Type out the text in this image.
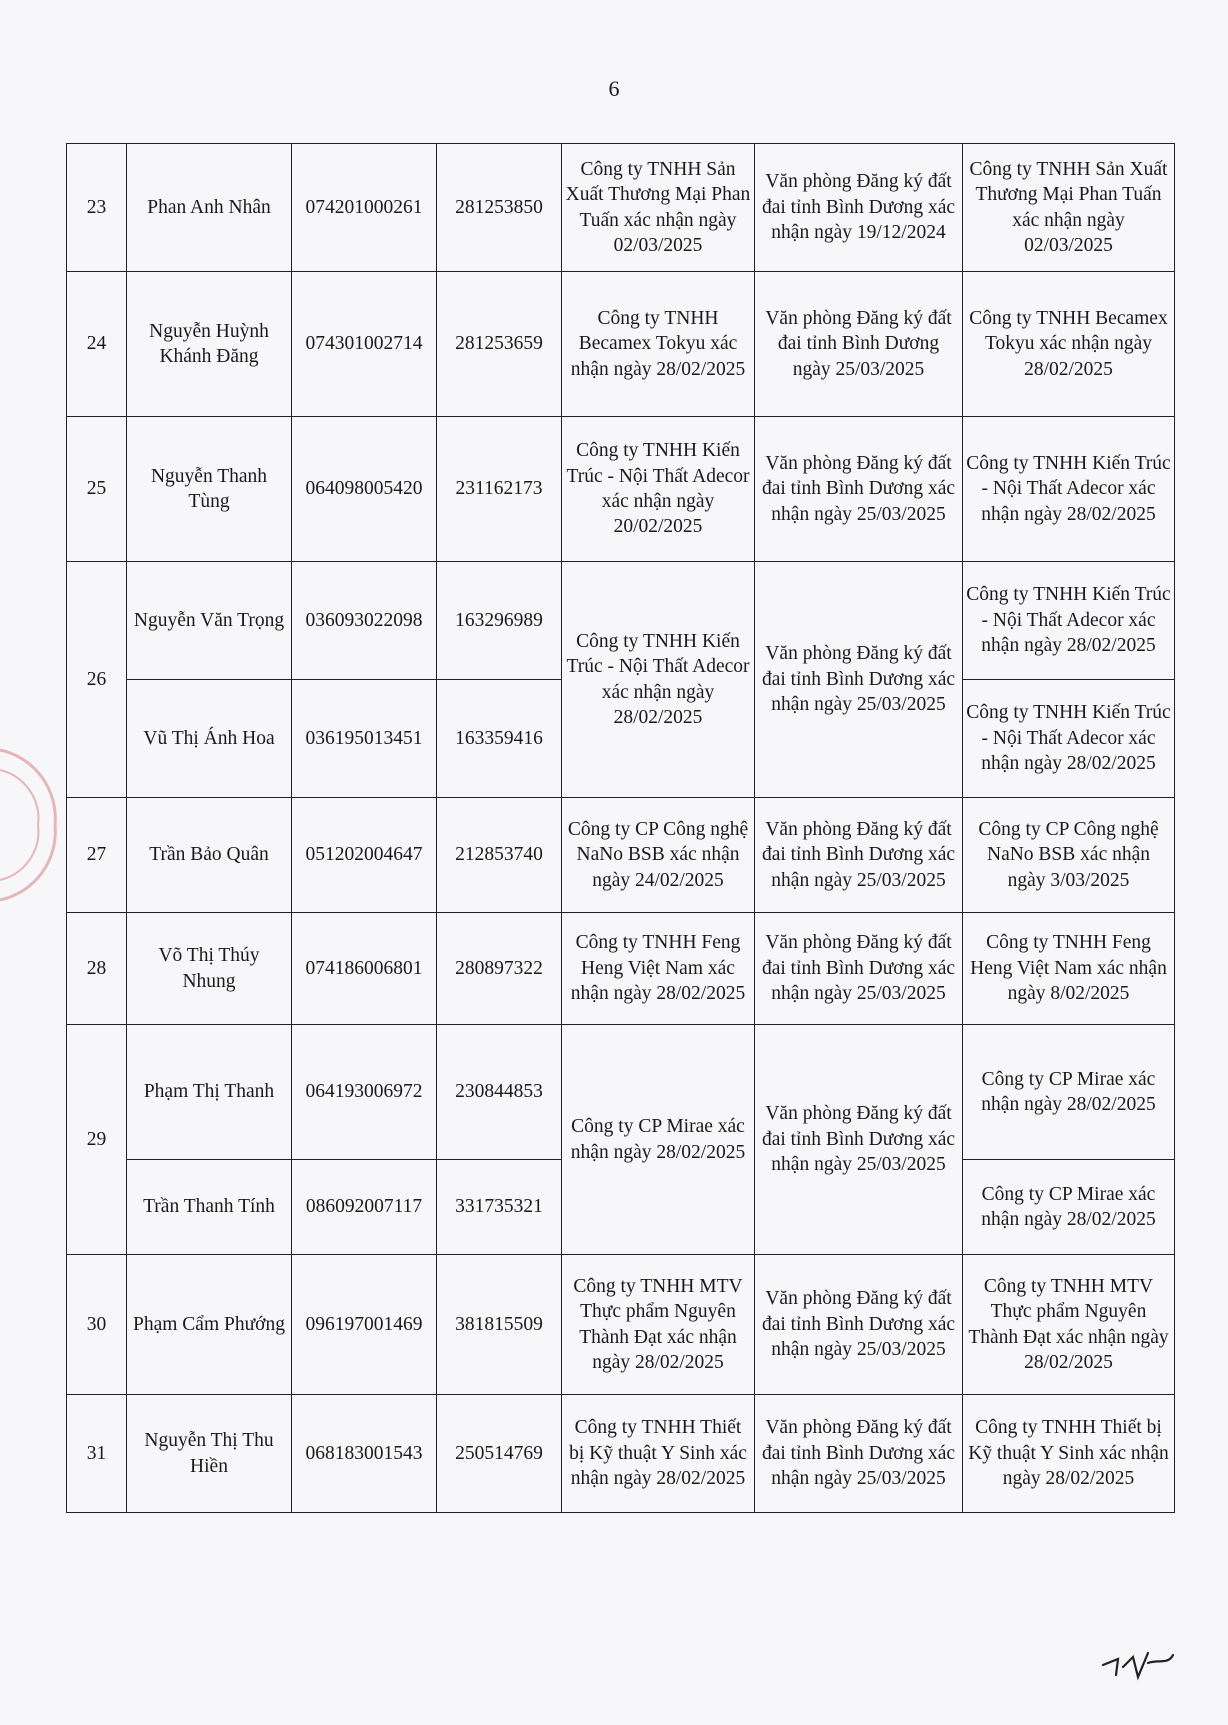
6
23	Phan Anh Nhân	074201000261	281253850	Công ty TNHH Sản Xuất Thương Mại Phan Tuấn xác nhận ngày 02/03/2025	Văn phòng Đăng ký đất đai tỉnh Bình Dương xác nhận ngày 19/12/2024	Công ty TNHH Sản Xuất Thương Mại Phan Tuấn xác nhận ngày 02/03/2025
24	Nguyễn Huỳnh Khánh Đăng	074301002714	281253659	Công ty TNHH Becamex Tokyu xác nhận ngày 28/02/2025	Văn phòng Đăng ký đất đai tỉnh Bình Dương ngày 25/03/2025	Công ty TNHH Becamex Tokyu xác nhận ngày 28/02/2025
25	Nguyễn Thanh Tùng	064098005420	231162173	Công ty TNHH Kiến Trúc - Nội Thất Adecor xác nhận ngày 20/02/2025	Văn phòng Đăng ký đất đai tỉnh Bình Dương xác nhận ngày 25/03/2025	Công ty TNHH Kiến Trúc - Nội Thất Adecor xác nhận ngày 28/02/2025
26	Nguyễn Văn Trọng	036093022098	163296989	Công ty TNHH Kiến Trúc - Nội Thất Adecor xác nhận ngày 28/02/2025	Văn phòng Đăng ký đất đai tỉnh Bình Dương xác nhận ngày 25/03/2025	Công ty TNHH Kiến Trúc - Nội Thất Adecor xác nhận ngày 28/02/2025
	Vũ Thị Ánh Hoa	036195013451	163359416			Công ty TNHH Kiến Trúc - Nội Thất Adecor xác nhận ngày 28/02/2025
27	Trần Bảo Quân	051202004647	212853740	Công ty CP Công nghệ NaNo BSB xác nhận ngày 24/02/2025	Văn phòng Đăng ký đất đai tỉnh Bình Dương xác nhận ngày 25/03/2025	Công ty CP Công nghệ NaNo BSB xác nhận ngày 3/03/2025
28	Võ Thị Thúy Nhung	074186006801	280897322	Công ty TNHH Feng Heng Việt Nam xác nhận ngày 28/02/2025	Văn phòng Đăng ký đất đai tỉnh Bình Dương xác nhận ngày 25/03/2025	Công ty TNHH Feng Heng Việt Nam xác nhận ngày 8/02/2025
29	Phạm Thị Thanh	064193006972	230844853	Công ty CP Mirae xác nhận ngày 28/02/2025	Văn phòng Đăng ký đất đai tỉnh Bình Dương xác nhận ngày 25/03/2025	Công ty CP Mirae xác nhận ngày 28/02/2025
	Trần Thanh Tính	086092007117	331735321			Công ty CP Mirae xác nhận ngày 28/02/2025
30	Phạm Cẩm Phướng	096197001469	381815509	Công ty TNHH MTV Thực phẩm Nguyên Thành Đạt xác nhận ngày 28/02/2025	Văn phòng Đăng ký đất đai tỉnh Bình Dương xác nhận ngày 25/03/2025	Công ty TNHH MTV Thực phẩm Nguyên Thành Đạt xác nhận ngày 28/02/2025
31	Nguyễn Thị Thu Hiền	068183001543	250514769	Công ty TNHH Thiết bị Kỹ thuật Y Sinh xác nhận ngày 28/02/2025	Văn phòng Đăng ký đất đai tỉnh Bình Dương xác nhận ngày 25/03/2025	Công ty TNHH Thiết bị Kỹ thuật Y Sinh xác nhận ngày 28/02/2025
